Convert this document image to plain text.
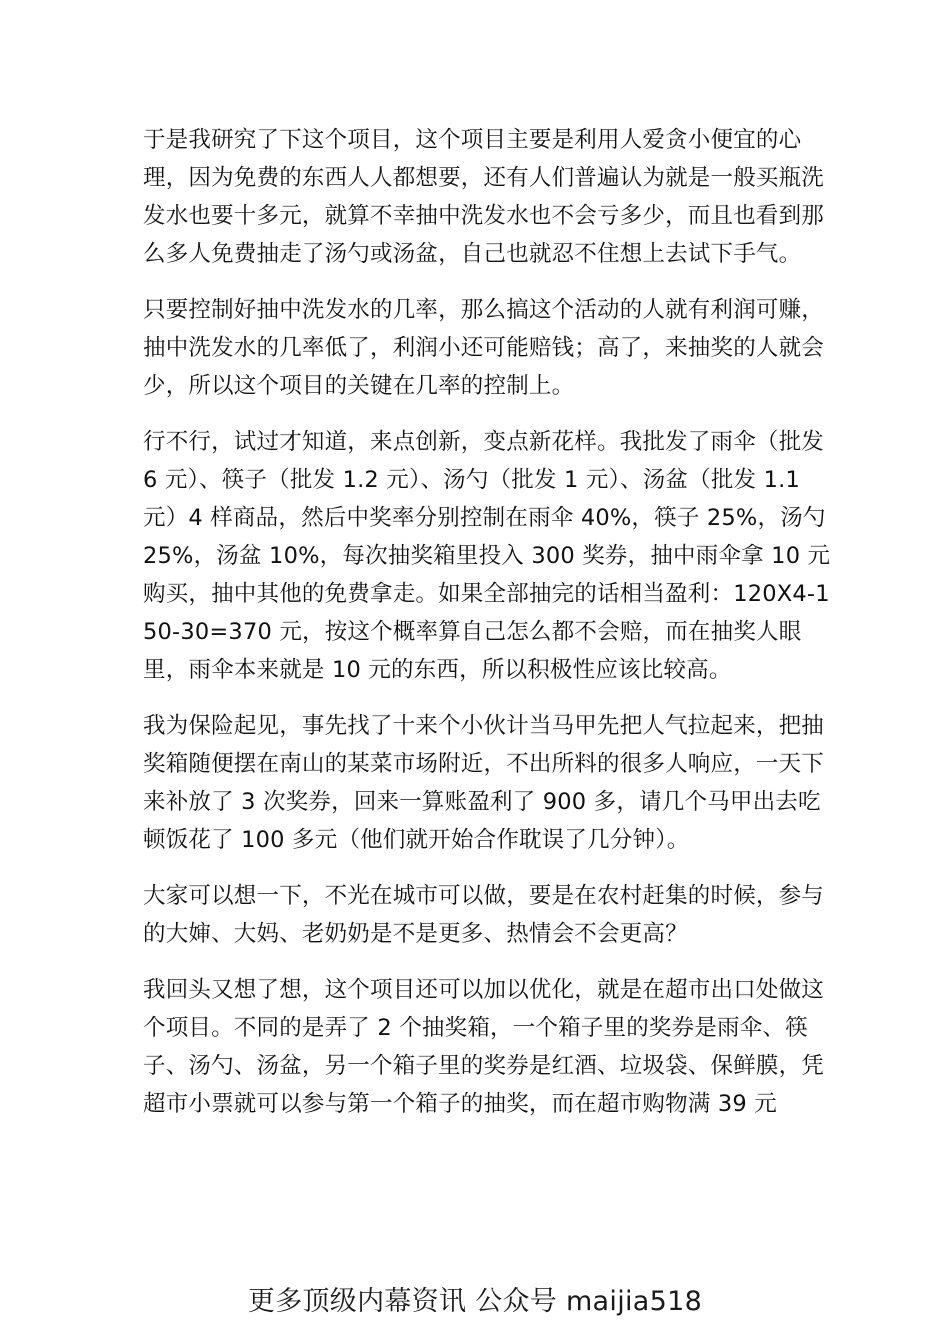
于是我研究了下这个项目，这个项目主要是利用人爱贪小便宜的心理，因为免费的东西人人都想要，还有人们普遍认为就是一般买瓶洗发水也要十多元，就算不幸抽中洗发水也不会亏多少，而且也看到那么多人免费抽走了汤勺或汤盆，自己也就忍不住想上去试下手气。

只要控制好抽中洗发水的几率，那么搞这个活动的人就有利润可赚，抽中洗发水的几率低了，利润小还可能赔钱；高了，来抽奖的人就会少，所以这个项目的关键在几率的控制上。

行不行，试过才知道，来点创新，变点新花样。我批发了雨伞（批发 6 元）、筷子（批发 1.2 元）、汤勺（批发 1 元）、汤盆（批发 1.1 元）4 样商品，然后中奖率分别控制在雨伞 40%，筷子 25%，汤勺 25%，汤盆 10%，每次抽奖箱里投入 300 奖券，抽中雨伞拿 10 元购买，抽中其他的免费拿走。如果全部抽完的话相当盈利：120X4-150-30=370 元，按这个概率算自己怎么都不会赔，而在抽奖人眼里，雨伞本来就是 10 元的东西，所以积极性应该比较高。

我为保险起见，事先找了十来个小伙计当马甲先把人气拉起来，把抽奖箱随便摆在南山的某菜市场附近，不出所料的很多人响应，一天下来补放了 3 次奖券，回来一算账盈利了 900 多，请几个马甲出去吃顿饭花了 100 多元（他们就开始合作耽误了几分钟）。

大家可以想一下，不光在城市可以做，要是在农村赶集的时候，参与的大婶、大妈、老奶奶是不是更多、热情会不会更高？

我回头又想了想，这个项目还可以加以优化，就是在超市出口处做这个项目。不同的是弄了 2 个抽奖箱，一个箱子里的奖券是雨伞、筷子、汤勺、汤盆，另一个箱子里的奖券是红酒、垃圾袋、保鲜膜，凭超市小票就可以参与第一个箱子的抽奖，而在超市购物满 39 元

更多顶级内幕资讯 公众号 maijia518
